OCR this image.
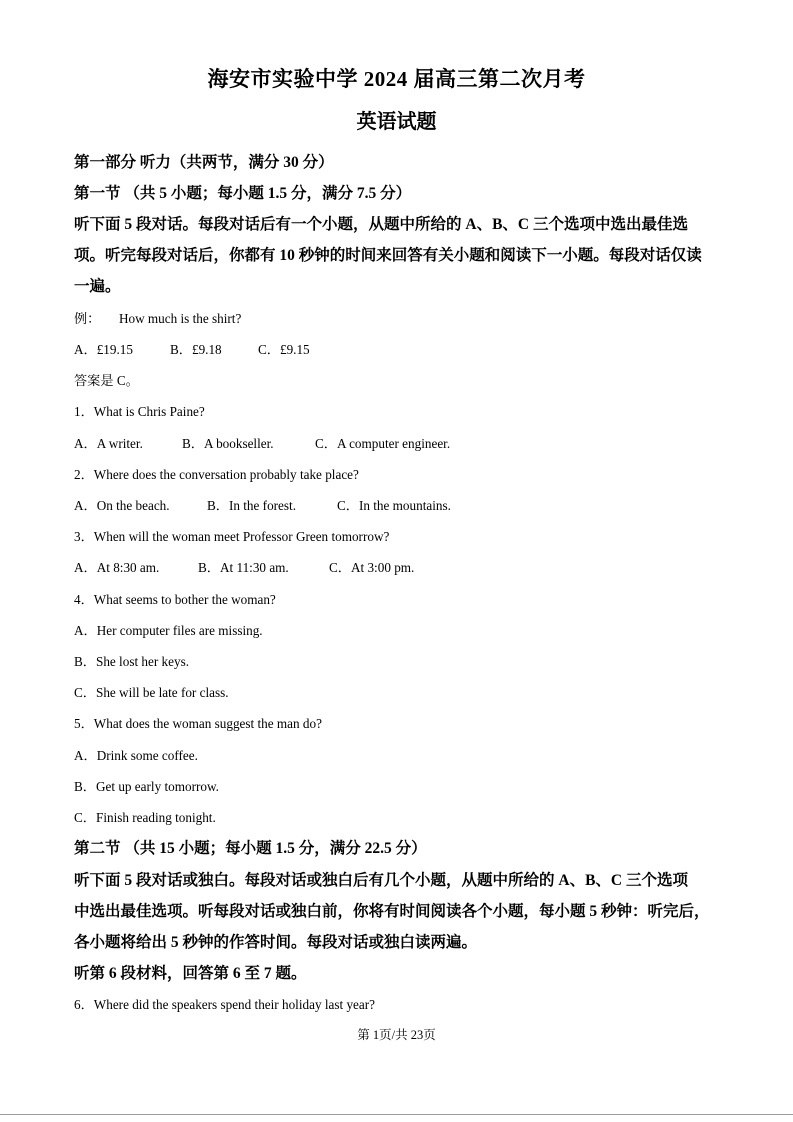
海安市实验中学 2024 届高三第二次月考
英语试题
第一部分 听力（共两节，满分 30 分）
第一节 （共 5 小题；每小题 1.5 分，满分 7.5 分）
听下面 5 段对话。每段对话后有一个小题，从题中所给的 A、B、C 三个选项中选出最佳选
项。听完每段对话后，你都有 10 秒钟的时间来回答有关小题和阅读下一小题。每段对话仅读
一遍。
例： How much is the shirt?
A．£19.15	B．£9.18	C．£9.15
答案是 C。
1．What is Chris Paine?
A．A writer.	B．A bookseller.	C．A computer engineer.
2．Where does the conversation probably take place?
A．On the beach.	B．In the forest.	C．In the mountains.
3．When will the woman meet Professor Green tomorrow?
A．At 8:30 am.	B．At 11:30 am.	C．At 3:00 pm.
4．What seems to bother the woman?
A．Her computer files are missing.
B．She lost her keys.
C．She will be late for class.
5．What does the woman suggest the man do?
A．Drink some coffee.
B．Get up early tomorrow.
C．Finish reading tonight.
第二节 （共 15 小题；每小题 1.5 分，满分 22.5 分）
听下面 5 段对话或独白。每段对话或独白后有几个小题，从题中所给的 A、B、C 三个选项
中选出最佳选项。听每段对话或独白前，你将有时间阅读各个小题，每小题 5 秒钟：听完后，
各小题将给出 5 秒钟的作答时间。每段对话或独白读两遍。
听第 6 段材料，回答第 6 至 7 题。
6．Where did the speakers spend their holiday last year?
第 1页/共 23页
